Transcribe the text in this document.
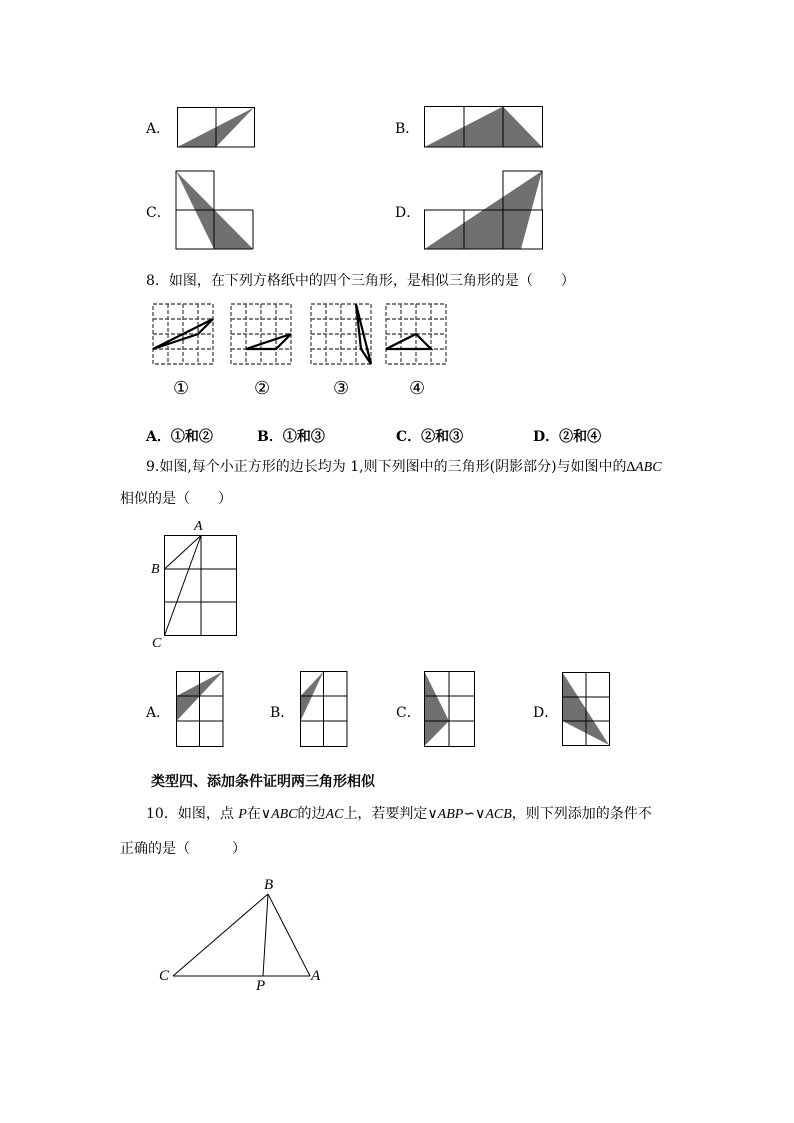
A．	B．
C．	D．
8．如图，在下列方格纸中的四个三角形，是相似三角形的是（　　）
①	②	③	④
A．①和②	B．①和③	C．②和③	D．②和④
9.如图,每个小正方形的边长均为 1,则下列图中的三角形(阴影部分)与如图中的∆ABC
相似的是（　　）
A
B
C
A．	B．	C．	D．
类型四、添加条件证明两三角形相似
10．如图，点 P在∨ABC的边AC上，若要判定∨ABP∽∨ACB，则下列添加的条件不
正确的是（　　　）
B
C	A
P
